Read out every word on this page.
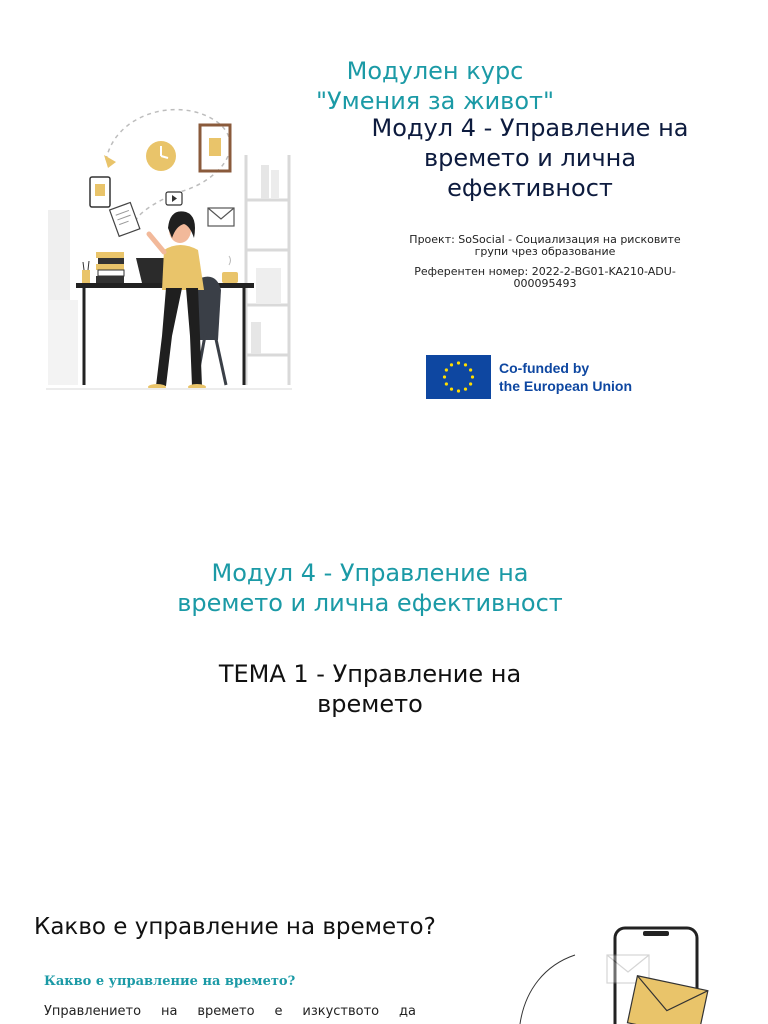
Модулен курс "Умения за живот"
Модул 4 - Управление на времето и лична ефективност
Проект: SoSocial - Социализация на рисковите групи чрез образование
Референтен номер: 2022-2-BG01-KA210-ADU-000095493
Co-funded by
the European Union
Модул 4 - Управление на времето и лична ефективност
ТЕМА 1 - Управление на времето
Какво е управление на времето?
Какво е управление на времето?
Управлението на времето е изкуството да
